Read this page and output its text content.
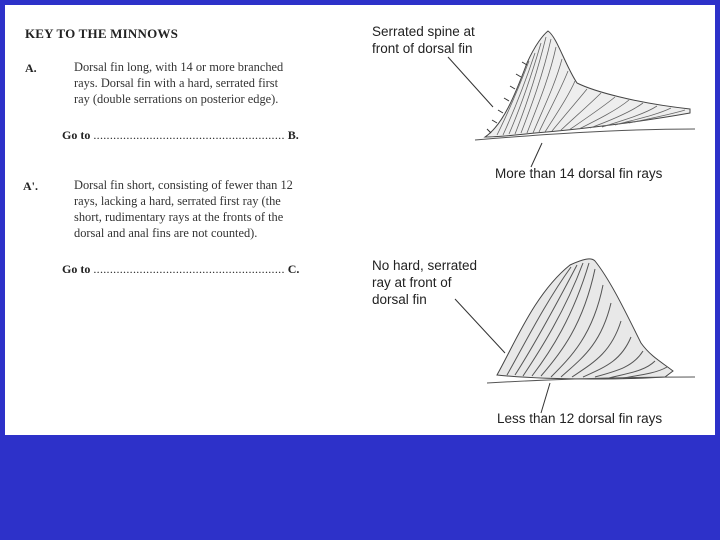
KEY TO THE MINNOWS
A.	Dorsal fin long, with 14 or more branched
rays. Dorsal fin with a hard, serrated first
ray (double serrations on posterior edge).
Go to .......................................................... B.
A'.	Dorsal fin short, consisting of fewer than 12
rays, lacking a hard, serrated first ray (the
short, rudimentary rays at the fronts of the
dorsal and anal fins are not counted).
Go to .......................................................... C.
Serrated spine at
front of dorsal fin
More than 14 dorsal fin rays
No hard, serrated
ray at front of
dorsal fin
Less than 12 dorsal fin rays
